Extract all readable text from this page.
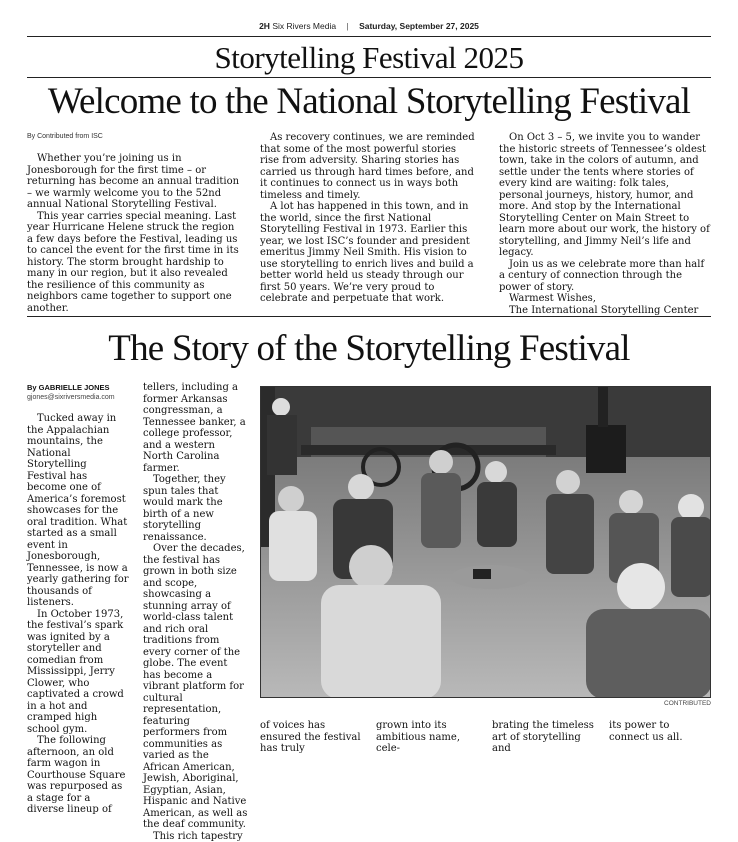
2H Six Rivers Media | Saturday, September 27, 2025
Storytelling Festival 2025
Welcome to the National Storytelling Festival
By Contributed from ISC

Whether you’re joining us in Jonesborough for the first time – or returning has become an annual tradition – we warmly welcome you to the 52nd annual National Storytelling Festival.

This year carries special meaning. Last year Hurricane Helene struck the region a few days before the Festival, leading us to cancel the event for the first time in its history. The storm brought hardship to many in our region, but it also revealed the resilience of this community as neighbors came together to support one another.

As recovery continues, we are reminded that some of the most powerful stories rise from adversity. Sharing stories has carried us through hard times before, and it continues to connect us in ways both timeless and timely.

A lot has happened in this town, and in the world, since the first National Storytelling Festival in 1973. Earlier this year, we lost ISC’s founder and president emeritus Jimmy Neil Smith. His vision to use storytelling to enrich lives and build a better world held us steady through our first 50 years. We’re very proud to celebrate and perpetuate that work.

On Oct 3 – 5, we invite you to wander the historic streets of Tennessee’s oldest town, take in the colors of autumn, and settle under the tents where stories of every kind are waiting: folk tales, personal journeys, history, humor, and more. And stop by the International Storytelling Center on Main Street to learn more about our work, the history of storytelling, and Jimmy Neil’s life and legacy.

Join us as we celebrate more than half a century of connection through the power of story.

Warmest Wishes,

The International Storytelling Center

The Story of the Storytelling Festival
By GABRIELLE JONES
gjones@sixriversmedia.com

Tucked away in the Appalachian mountains, the National Storytelling Festival has become one of America’s foremost showcases for the oral tradition. What started as a small event in Jonesborough, Tennessee, is now a yearly gathering for thousands of listeners.

In October 1973, the festival’s spark was ignited by a storyteller and comedian from Mississippi, Jerry Clower, who captivated a crowd in a hot and cramped high school gym.

The following afternoon, an old farm wagon in Courthouse Square was repurposed as a stage for a diverse lineup of

tellers, including a former Arkansas congressman, a Tennessee banker, a college professor, and a western North Carolina farmer.

Together, they spun tales that would mark the birth of a new storytelling renaissance.

Over the decades, the festival has grown in both size and scope, showcasing a stunning array of world-class talent and rich oral traditions from every corner of the globe. The event has become a vibrant platform for cultural representation, featuring performers from communities as varied as the African American, Jewish, Aboriginal, Egyptian, Asian, Hispanic and Native American, as well as the deaf community.

This rich tapestry

CONTRIBUTED

of voices has ensured the festival has truly

grown into its ambitious name, cele-

brating the timeless art of storytelling and

its power to connect us all.
